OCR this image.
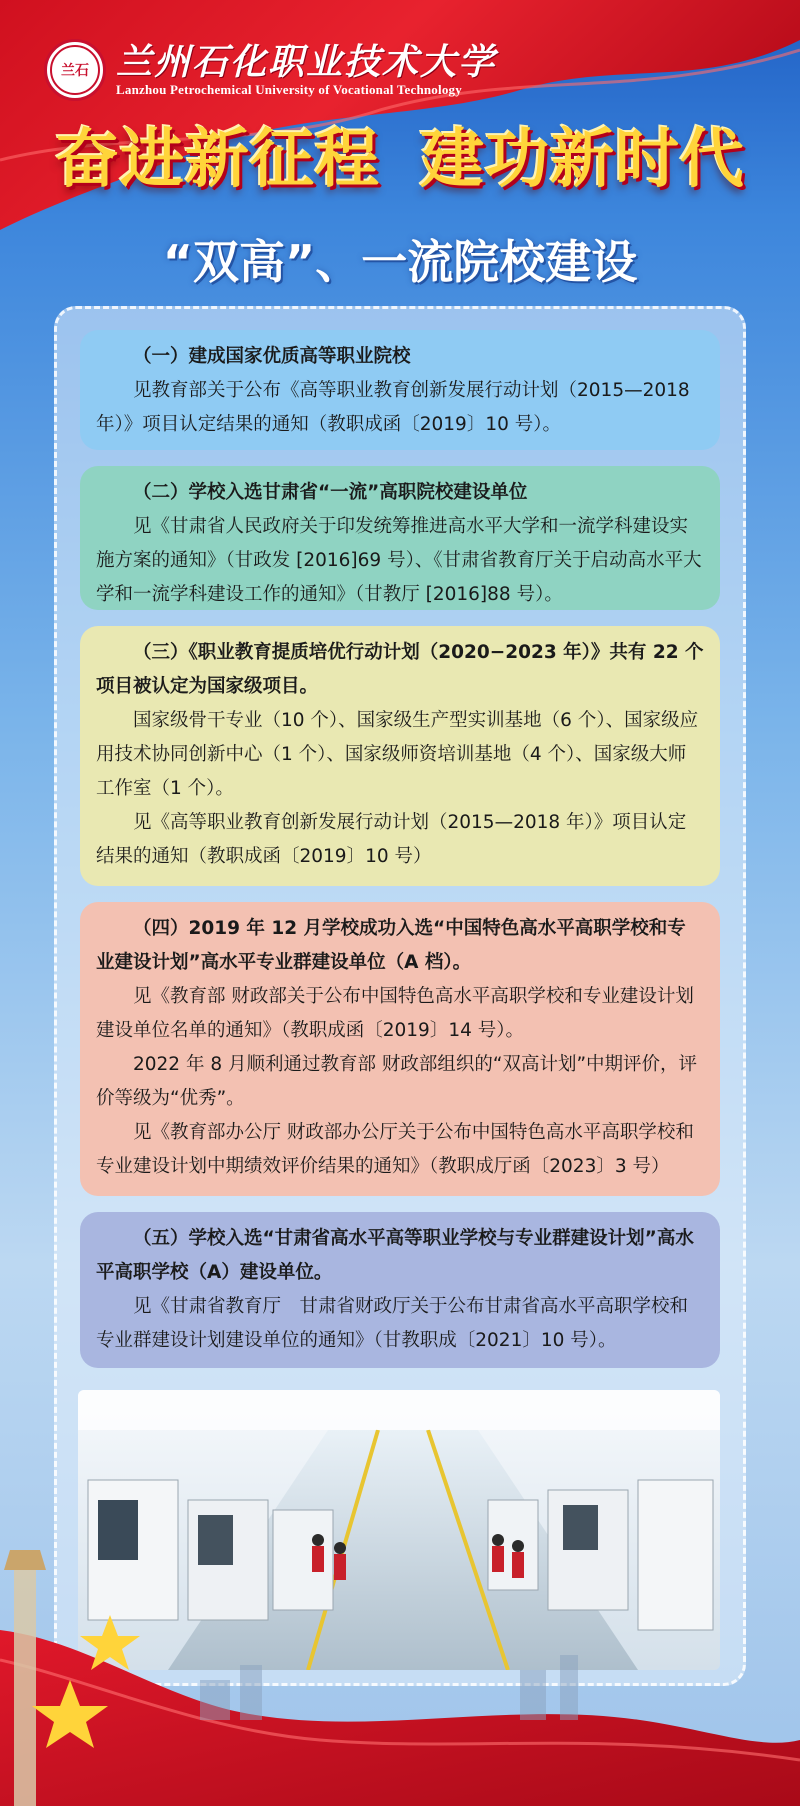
兰石 兰州石化职业技术大学
Lanzhou Petrochemical University of Vocational Technology
奋进新征程 建功新时代
“双高”、一流院校建设

（一）建成国家优质高等职业院校

见教育部关于公布《高等职业教育创新发展行动计划（2015—2018 年）》项目认定结果的通知（教职成函〔2019〕10 号）。

（二）学校入选甘肃省“一流”高职院校建设单位

见《甘肃省人民政府关于印发统筹推进高水平大学和一流学科建设实施方案的通知》（甘政发 [2016]69 号）、《甘肃省教育厅关于启动高水平大学和一流学科建设工作的通知》（甘教厅 [2016]88 号）。

（三）《职业教育提质培优行动计划（2020−2023 年）》共有 22 个项目被认定为国家级项目。

国家级骨干专业（10 个）、国家级生产型实训基地（6 个）、国家级应用技术协同创新中心（1 个）、国家级师资培训基地（4 个）、国家级大师工作室（1 个）。

见《高等职业教育创新发展行动计划（2015—2018 年）》项目认定结果的通知（教职成函〔2019〕10 号）

（四）2019 年 12 月学校成功入选“中国特色高水平高职学校和专业建设计划”高水平专业群建设单位（A 档）。

见《教育部 财政部关于公布中国特色高水平高职学校和专业建设计划建设单位名单的通知》（教职成函〔2019〕14 号）。

2022 年 8 月顺利通过教育部 财政部组织的“双高计划”中期评价，评价等级为“优秀”。

见《教育部办公厅 财政部办公厅关于公布中国特色高水平高职学校和专业建设计划中期绩效评价结果的通知》（教职成厅函〔2023〕3 号）

（五）学校入选“甘肃省高水平高等职业学校与专业群建设计划”高水平高职学校（A）建设单位。

见《甘肃省教育厅　甘肃省财政厅关于公布甘肃省高水平高职学校和专业群建设计划建设单位的通知》（甘教职成〔2021〕10 号）。
